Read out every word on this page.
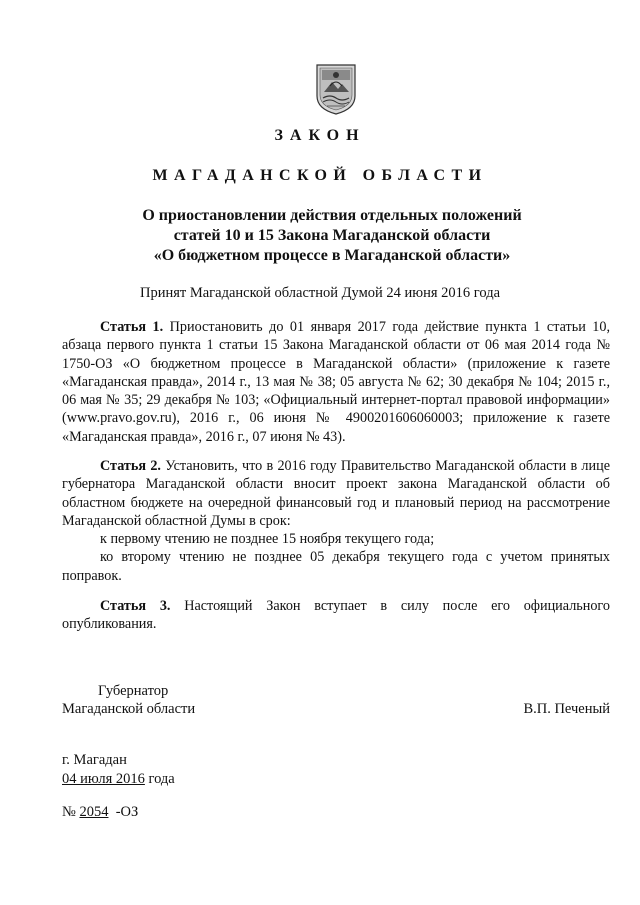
ЗАКОН
МАГАДАНСКОЙ ОБЛАСТИ
О приостановлении действия отдельных положений
статей 10 и 15 Закона Магаданской области
«О бюджетном процессе в Магаданской области»
Принят Магаданской областной Думой 24 июня 2016 года

Статья 1. Приостановить до 01 января 2017 года действие пункта 1 статьи 10, абзаца первого пункта 1 статьи 15 Закона Магаданской области от 06 мая 2014 года № 1750-ОЗ «О бюджетном процессе в Магаданской области» (приложение к газете «Магаданская правда», 2014 г., 13 мая № 38; 05 августа № 62; 30 декабря № 104; 2015 г., 06 мая № 35; 29 декабря № 103; «Официальный интернет-портал правовой информации» (www.pravo.gov.ru), 2016 г., 06 июня № 4900201606060003; приложение к газете «Магаданская правда», 2016 г., 07 июня № 43).

Статья 2. Установить, что в 2016 году Правительство Магаданской области в лице губернатора Магаданской области вносит проект закона Магаданской области об областном бюджете на очередной финансовый год и плановый период на рассмотрение Магаданской областной Думы в срок:

к первому чтению не позднее 15 ноября текущего года;

ко второму чтению не позднее 05 декабря текущего года с учетом принятых поправок.

Статья 3. Настоящий Закон вступает в силу после его официального опубликования.

Губернатор
Магаданской области	В.П. Печеный
г. Магадан
04 июля 2016 года
№ 2054  -ОЗ
